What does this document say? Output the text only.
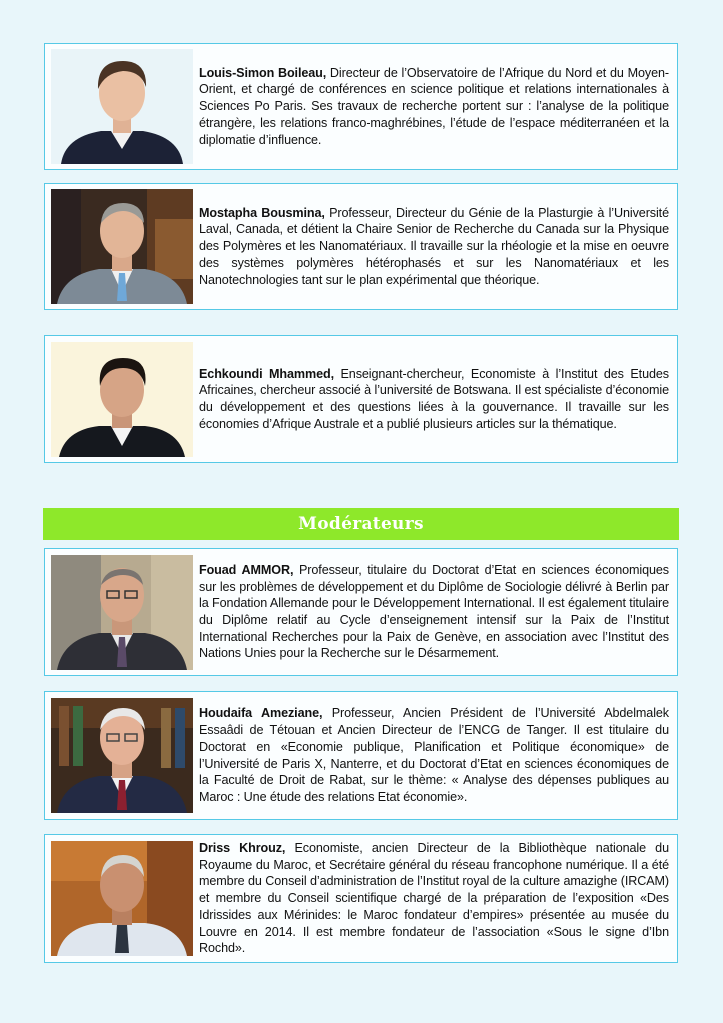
Louis-Simon Boileau, Directeur de l’Observatoire de l’Afrique du Nord et du Moyen-Orient, et chargé de conférences en science politique et relations internationales à Sciences Po Paris. Ses travaux de recherche portent sur : l’analyse de la politique étrangère, les relations franco-maghrébines, l’étude de l’espace méditerranéen et la diplomatie d’influence.
Mostapha Bousmina, Professeur, Directeur du Génie de la Plasturgie à l’Université Laval, Canada, et détient la Chaire Senior de Recherche du Canada sur la Physique des Polymères et les Nanomatériaux. Il travaille sur la rhéologie et la mise en oeuvre des systèmes polymères hétérophasés et sur les Nanomatériaux et les Nanotechnologies tant sur le plan expérimental que théorique.
Echkoundi Mhammed, Enseignant-chercheur, Economiste à l’Institut des Etudes Africaines, chercheur associé à l’université de Botswana. Il est spécialiste d’économie du développement et des questions liées à la gouvernance. Il travaille sur les économies d’Afrique Australe et a publié plusieurs articles sur la thématique.
Modérateurs
Fouad AMMOR, Professeur, titulaire du Doctorat d’Etat en sciences économiques sur les problèmes de développement et du Diplôme de Sociologie délivré à Berlin par la Fondation Allemande pour le Développement International. Il est également titulaire du Diplôme relatif au Cycle d’enseignement intensif sur la Paix de l’Institut International Recherches pour la Paix de Genève, en association avec l’Institut des Nations Unies pour la Recherche sur le Désarmement.
Houdaifa Ameziane, Professeur, Ancien Président de l’Université Abdelmalek Essaâdi de Tétouan et Ancien Directeur de l’ENCG de Tanger. Il est titulaire du Doctorat en «Economie publique, Planification et Politique économique» de l’Université de Paris X, Nanterre, et du Doctorat d’Etat en sciences économiques de la Faculté de Droit de Rabat, sur le thème: « Analyse des dépenses publiques au Maroc : Une étude des relations Etat économie».
Driss Khrouz, Economiste, ancien Directeur de la Bibliothèque nationale du Royaume du Maroc, et Secrétaire général du réseau francophone numérique. Il a été membre du Conseil d’administration de l’Institut royal de la culture amazighe (IRCAM) et membre du Conseil scientifique chargé de la préparation de l’exposition «Des Idrissides aux Mérinides: le Maroc fondateur d’empires» présentée au musée du Louvre en 2014. Il est membre fondateur de l’association «Sous le signe d’Ibn Rochd».
